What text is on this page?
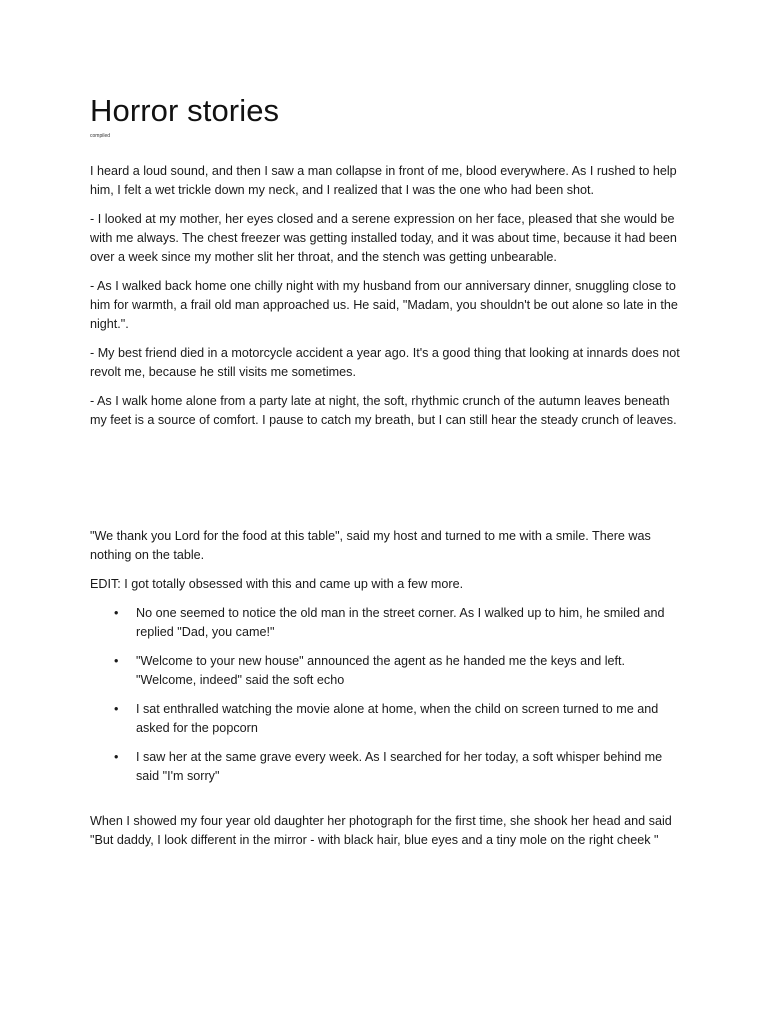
Horror stories

compiled

I heard a loud sound, and then I saw a man collapse in front of me, blood everywhere. As I rushed to help him, I felt a wet trickle down my neck, and I realized that I was the one who had been shot.

- I looked at my mother, her eyes closed and a serene expression on her face, pleased that she would be with me always. The chest freezer was getting installed today, and it was about time, because it had been over a week since my mother slit her throat, and the stench was getting unbearable.

- As I walked back home one chilly night with my husband from our anniversary dinner, snuggling close to him for warmth, a frail old man approached us. He said, "Madam, you shouldn't be out alone so late in the night.".

- My best friend died in a motorcycle accident a year ago. It's a good thing that looking at innards does not revolt me, because he still visits me sometimes.

- As I walk home alone from a party late at night, the soft, rhythmic crunch of the autumn leaves beneath my feet is a source of comfort. I pause to catch my breath, but I can still hear the steady crunch of leaves.

"We thank you Lord for the food at this table", said my host and turned to me with a smile. There was nothing on the table.

EDIT: I got totally obsessed with this and came up with a few more.

• No one seemed to notice the old man in the street corner. As I walked up to him, he smiled and replied "Dad, you came!"
• "Welcome to your new house" announced the agent as he handed me the keys and left. "Welcome, indeed" said the soft echo
• I sat enthralled watching the movie alone at home, when the child on screen turned to me and asked for the popcorn
• I saw her at the same grave every week. As I searched for her today, a soft whisper behind me said "I'm sorry"

When I showed my four year old daughter her photograph for the first time, she shook her head and said "But daddy, I look different in the mirror - with black hair, blue eyes and a tiny mole on the right cheek "
